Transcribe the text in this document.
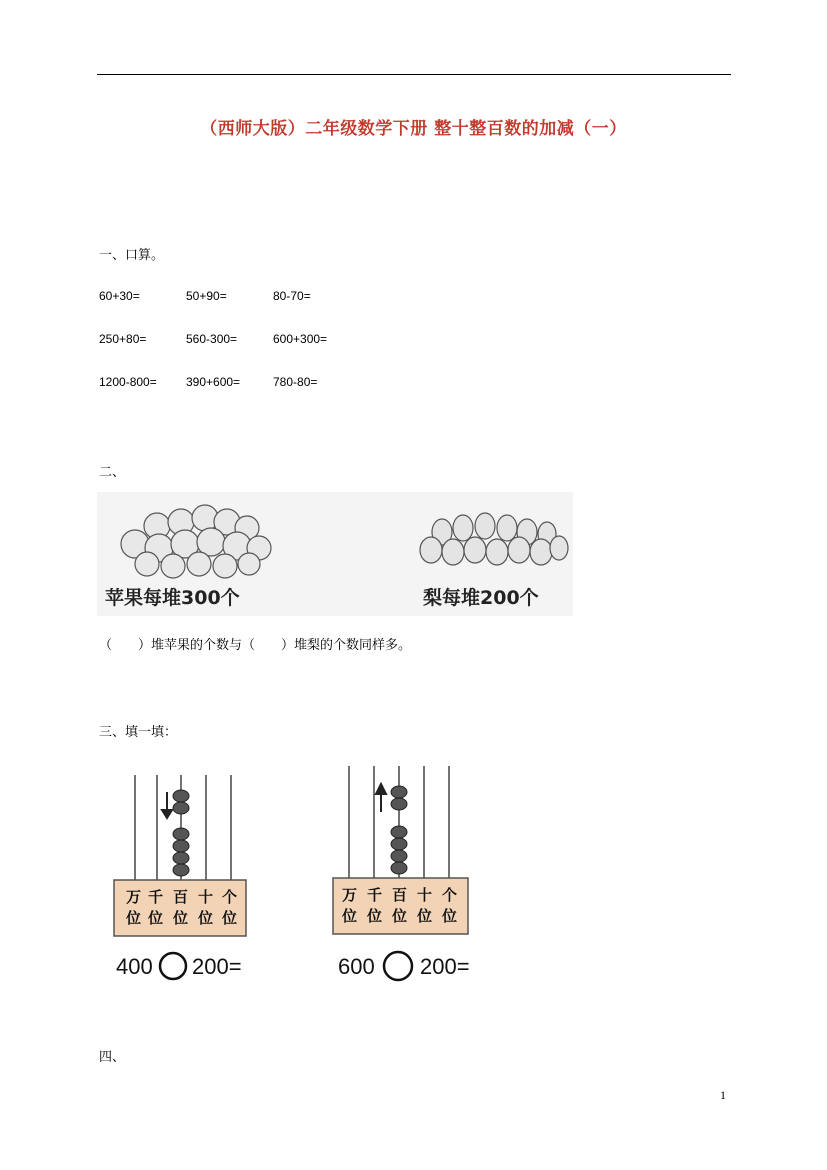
（西师大版）二年级数学下册 整十整百数的加减（一）
一、口算。
60+30=	50+90=	80-70=
250+80=	560-300=	600+300=
1200-800= 390+600=	780-80=
二、
苹果每堆300个	梨每堆200个
（　　）堆苹果的个数与（　　）堆梨的个数同样多。
三、填一填：
万 千 百 十 个
位 位 位 位 位
400 200=
万 千 百 十 个
位 位 位 位 位
600 200=
四、
1
